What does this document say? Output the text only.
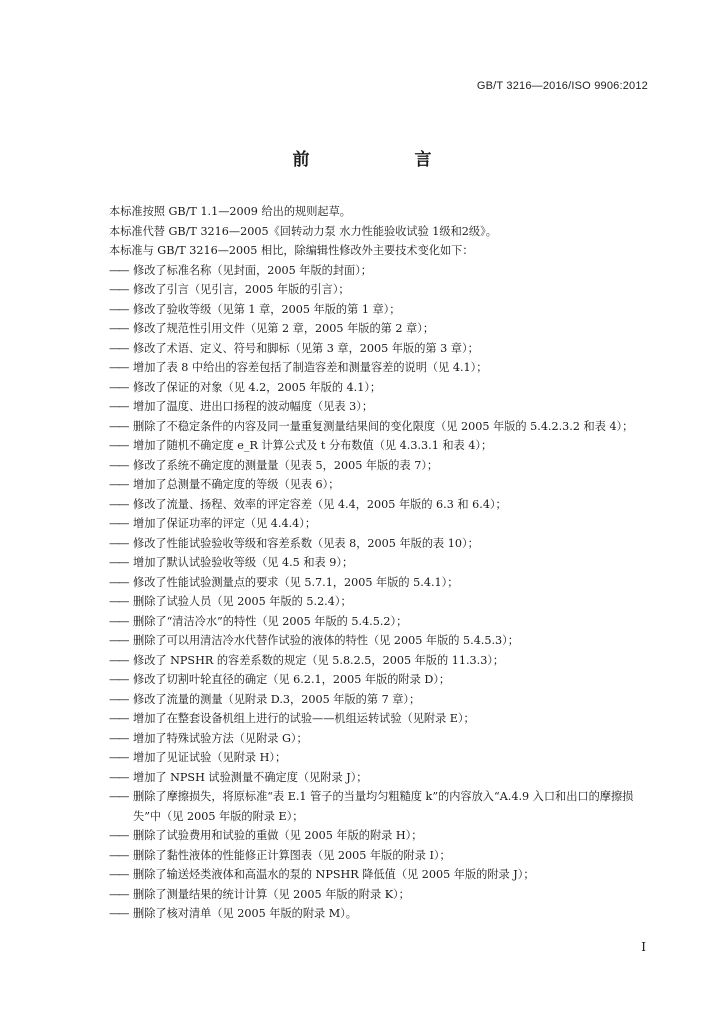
GB/T 3216—2016/ISO 9906:2012
前　言

本标准按照 GB/T 1.1—2009 给出的规则起草。

本标准代替 GB/T 3216—2005《回转动力泵 水力性能验收试验 1级和2级》。

本标准与 GB/T 3216—2005 相比，除编辑性修改外主要技术变化如下：

—— 修改了标准名称（见封面，2005 年版的封面）；
—— 修改了引言（见引言，2005 年版的引言）；
—— 修改了验收等级（见第 1 章，2005 年版的第 1 章）；
—— 修改了规范性引用文件（见第 2 章，2005 年版的第 2 章）；
—— 修改了术语、定义、符号和脚标（见第 3 章，2005 年版的第 3 章）；
—— 增加了表 8 中给出的容差包括了制造容差和测量容差的说明（见 4.1）；
—— 修改了保证的对象（见 4.2，2005 年版的 4.1）；
—— 增加了温度、进出口扬程的波动幅度（见表 3）；
—— 删除了不稳定条件的内容及同一量重复测量结果间的变化限度（见 2005 年版的 5.4.2.3.2 和表 4）；
—— 增加了随机不确定度 e_R 计算公式及 t 分布数值（见 4.3.3.1 和表 4）；
—— 修改了系统不确定度的测量量（见表 5，2005 年版的表 7）；
—— 增加了总测量不确定度的等级（见表 6）；
—— 修改了流量、扬程、效率的评定容差（见 4.4，2005 年版的 6.3 和 6.4）；
—— 增加了保证功率的评定（见 4.4.4）；
—— 修改了性能试验验收等级和容差系数（见表 8，2005 年版的表 10）；
—— 增加了默认试验验收等级（见 4.5 和表 9）；
—— 修改了性能试验测量点的要求（见 5.7.1，2005 年版的 5.4.1）；
—— 删除了试验人员（见 2005 年版的 5.2.4）；
—— 删除了“清洁冷水”的特性（见 2005 年版的 5.4.5.2）；
—— 删除了可以用清洁冷水代替作试验的液体的特性（见 2005 年版的 5.4.5.3）；
—— 修改了 NPSHR 的容差系数的规定（见 5.8.2.5，2005 年版的 11.3.3）；
—— 修改了切割叶轮直径的确定（见 6.2.1，2005 年版的附录 D）；
—— 修改了流量的测量（见附录 D.3，2005 年版的第 7 章）；
—— 增加了在整套设备机组上进行的试验——机组运转试验（见附录 E）；
—— 增加了特殊试验方法（见附录 G）；
—— 增加了见证试验（见附录 H）；
—— 增加了 NPSH 试验测量不确定度（见附录 J）；
—— 删除了摩擦损失，将原标准“表 E.1 管子的当量均匀粗糙度 k”的内容放入“A.4.9 入口和出口的摩擦损失”中（见 2005 年版的附录 E）；
—— 删除了试验费用和试验的重做（见 2005 年版的附录 H）；
—— 删除了黏性液体的性能修正计算图表（见 2005 年版的附录 I）；
—— 删除了输送烃类液体和高温水的泵的 NPSHR 降低值（见 2005 年版的附录 J）；
—— 删除了测量结果的统计计算（见 2005 年版的附录 K）；
—— 删除了核对清单（见 2005 年版的附录 M）。
I
